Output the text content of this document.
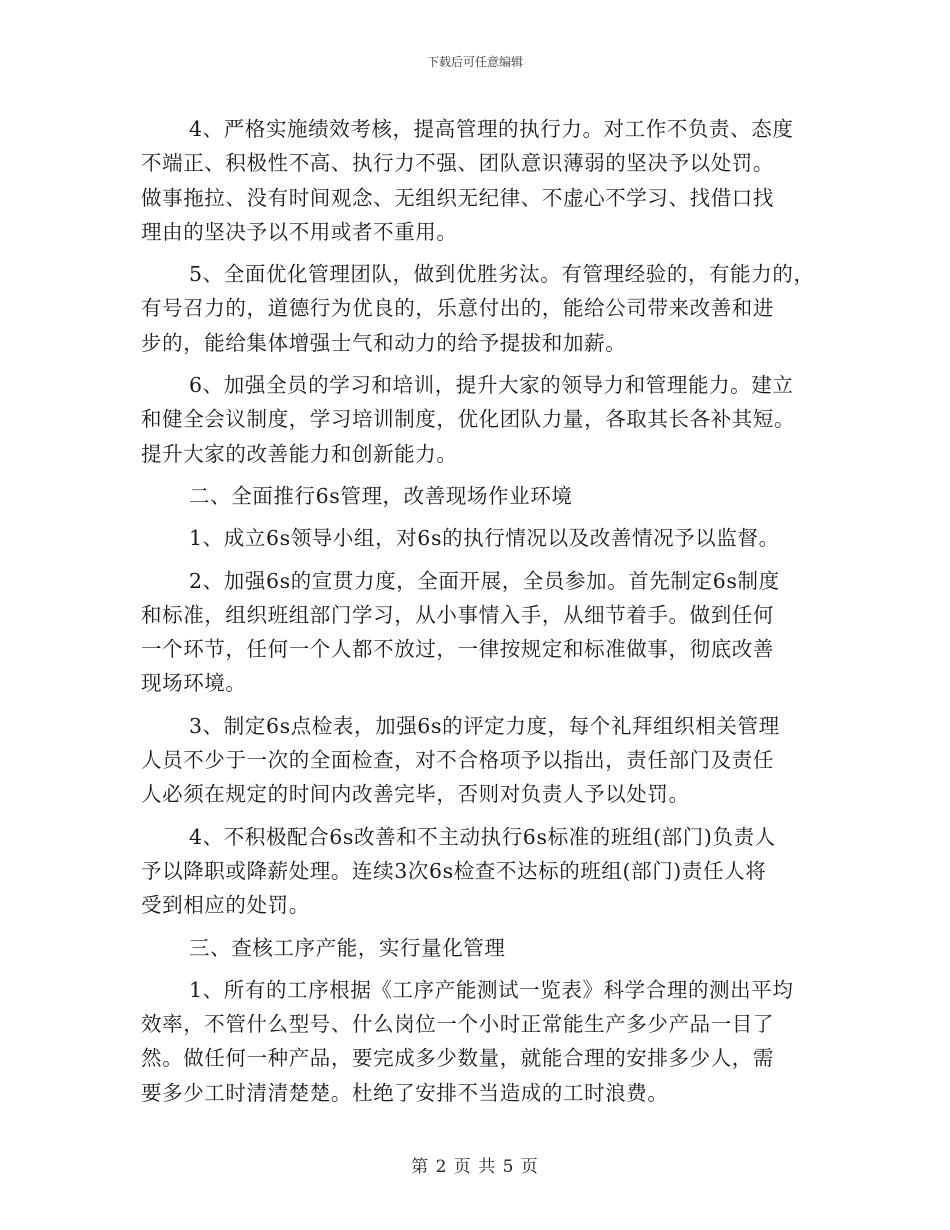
下载后可任意编辑
4、严格实施绩效考核，提高管理的执行力。对工作不负责、态度
不端正、积极性不高、执行力不强、团队意识薄弱的坚决予以处罚。
做事拖拉、没有时间观念、无组织无纪律、不虚心不学习、找借口找
理由的坚决予以不用或者不重用。
5、全面优化管理团队，做到优胜劣汰。有管理经验的，有能力的，
有号召力的，道德行为优良的，乐意付出的，能给公司带来改善和进
步的，能给集体增强士气和动力的给予提拔和加薪。
6、加强全员的学习和培训，提升大家的领导力和管理能力。建立
和健全会议制度，学习培训制度，优化团队力量，各取其长各补其短。
提升大家的改善能力和创新能力。
二、全面推行6s管理，改善现场作业环境
1、成立6s领导小组，对6s的执行情况以及改善情况予以监督。
2、加强6s的宣贯力度，全面开展，全员参加。首先制定6s制度
和标准，组织班组部门学习，从小事情入手，从细节着手。做到任何
一个环节，任何一个人都不放过，一律按规定和标准做事，彻底改善
现场环境。
3、制定6s点检表，加强6s的评定力度，每个礼拜组织相关管理
人员不少于一次的全面检查，对不合格项予以指出，责任部门及责任
人必须在规定的时间内改善完毕，否则对负责人予以处罚。
4、不积极配合6s改善和不主动执行6s标准的班组(部门)负责人
予以降职或降薪处理。连续3次6s检查不达标的班组(部门)责任人将
受到相应的处罚。
三、查核工序产能，实行量化管理
1、所有的工序根据《工序产能测试一览表》科学合理的测出平均
效率，不管什么型号、什么岗位一个小时正常能生产多少产品一目了
然。做任何一种产品，要完成多少数量，就能合理的安排多少人，需
要多少工时清清楚楚。杜绝了安排不当造成的工时浪费。
第 2 页 共 5 页
